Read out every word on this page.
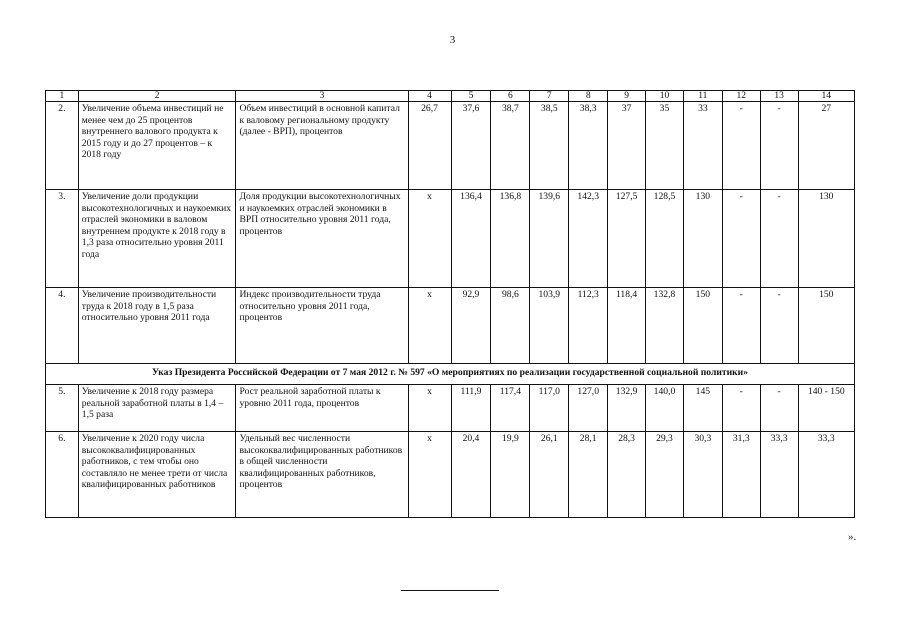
3
1	2	3	4	5	6	7	8	9	10	11	12	13	14
2.	Увеличение объема инвестиций не менее чем до 25 процентов внутреннего валового продукта к 2015 году и до 27 процентов – к 2018 году	Объем инвестиций в основной капитал к валовому региональному продукту (далее - ВРП), процентов	26,7	37,6	38,7	38,5	38,3	37	35	33	-	-	27
3.	Увеличение доли продукции высокотехнологичных и наукоемких отраслей экономики в валовом внутреннем продукте к 2018 году в 1,3 раза относительно уровня 2011 года	Доля продукции высокотехнологичных и наукоемких отраслей экономики в ВРП относительно уровня 2011 года, процентов	х	136,4	136,8	139,6	142,3	127,5	128,5	130	-	-	130
4.	Увеличение производительности труда к 2018 году в 1,5 раза относительно уровня 2011 года	Индекс производительности труда относительно уровня 2011 года, процентов	х	92,9	98,6	103,9	112,3	118,4	132,8	150	-	-	150
Указ Президента Российской Федерации от 7 мая 2012 г. № 597 «О мероприятиях по реализации государственной социальной политики»													
5.	Увеличение к 2018 году размера реальной заработной платы в 1,4 – 1,5 раза	Рост реальной заработной платы к уровню 2011 года, процентов	х	111,9	117,4	117,0	127,0	132,9	140,0	145	-	-	140 - 150
6.	Увеличение к 2020 году числа высококвалифицированных работников, с тем чтобы оно составляло не менее трети от числа квалифицированных работников	Удельный вес численности высококвалифицированных работников в общей численности квалифицированных работников, процентов	х	20,4	19,9	26,1	28,1	28,3	29,3	30,3	31,3	33,3	33,3
».
